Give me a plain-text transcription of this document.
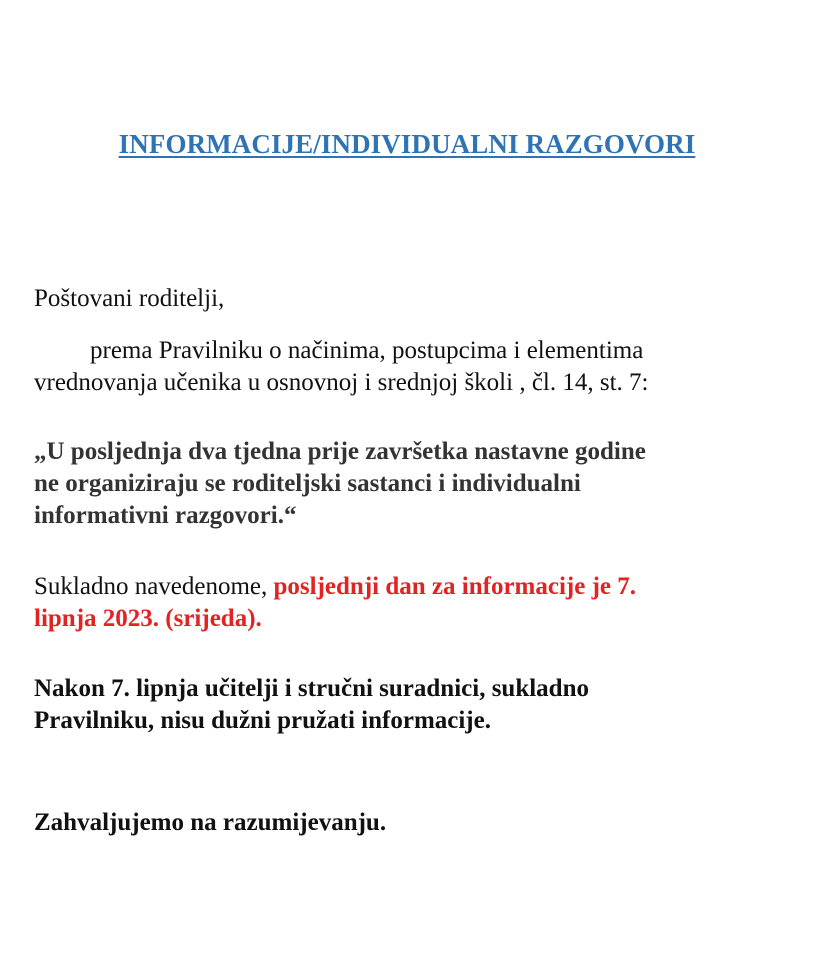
INFORMACIJE/INDIVIDUALNI RAZGOVORI

Poštovani roditelji,

prema Pravilniku o načinima, postupcima i elementima
vrednovanja učenika u osnovnoj i srednjoj školi , čl. 14, st. 7:

„U posljednja dva tjedna prije završetka nastavne godine
ne organiziraju se roditeljski sastanci i individualni
informativni razgovori.“

Sukladno navedenome, posljednji dan za informacije je 7.
lipnja 2023. (srijeda).

Nakon 7. lipnja učitelji i stručni suradnici, sukladno
Pravilniku, nisu dužni pružati informacije.

Zahvaljujemo na razumijevanju.
